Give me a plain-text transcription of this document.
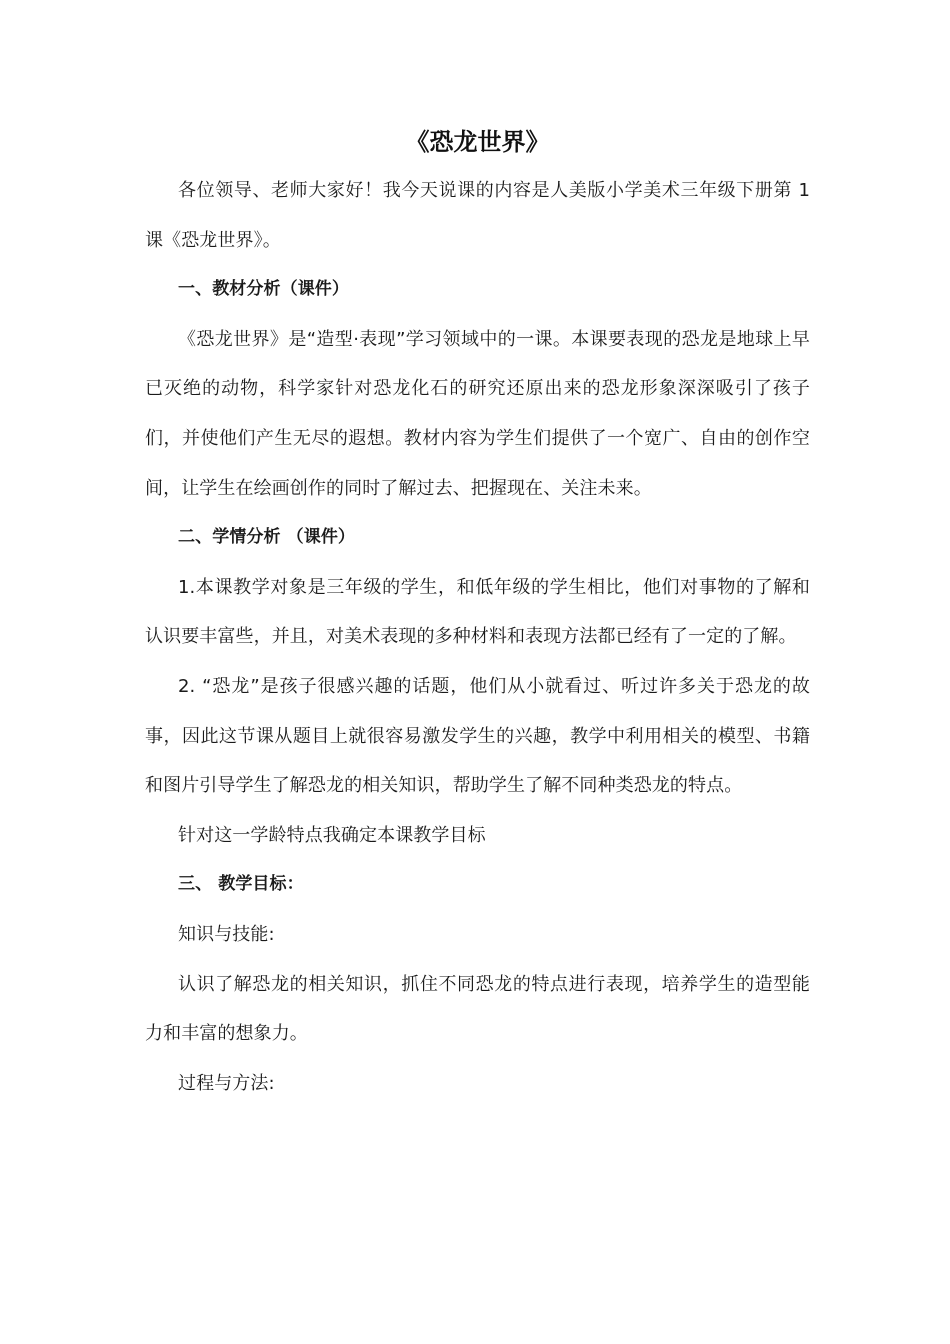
《恐龙世界》

各位领导、老师大家好！我今天说课的内容是人美版小学美术三年级下册第 1 课《恐龙世界》。

一、教材分析（课件）

《恐龙世界》是“造型·表现”学习领域中的一课。本课要表现的恐龙是地球上早已灭绝的动物，科学家针对恐龙化石的研究还原出来的恐龙形象深深吸引了孩子们，并使他们产生无尽的遐想。教材内容为学生们提供了一个宽广、自由的创作空间，让学生在绘画创作的同时了解过去、把握现在、关注未来。

二、学情分析 （课件）

1.本课教学对象是三年级的学生，和低年级的学生相比，他们对事物的了解和认识要丰富些，并且，对美术表现的多种材料和表现方法都已经有了一定的了解。

2. “恐龙”是孩子很感兴趣的话题，他们从小就看过、听过许多关于恐龙的故事，因此这节课从题目上就很容易激发学生的兴趣，教学中利用相关的模型、书籍和图片引导学生了解恐龙的相关知识，帮助学生了解不同种类恐龙的特点。

针对这一学龄特点我确定本课教学目标

三、 教学目标：

知识与技能:

认识了解恐龙的相关知识，抓住不同恐龙的特点进行表现，培养学生的造型能力和丰富的想象力。

过程与方法:
